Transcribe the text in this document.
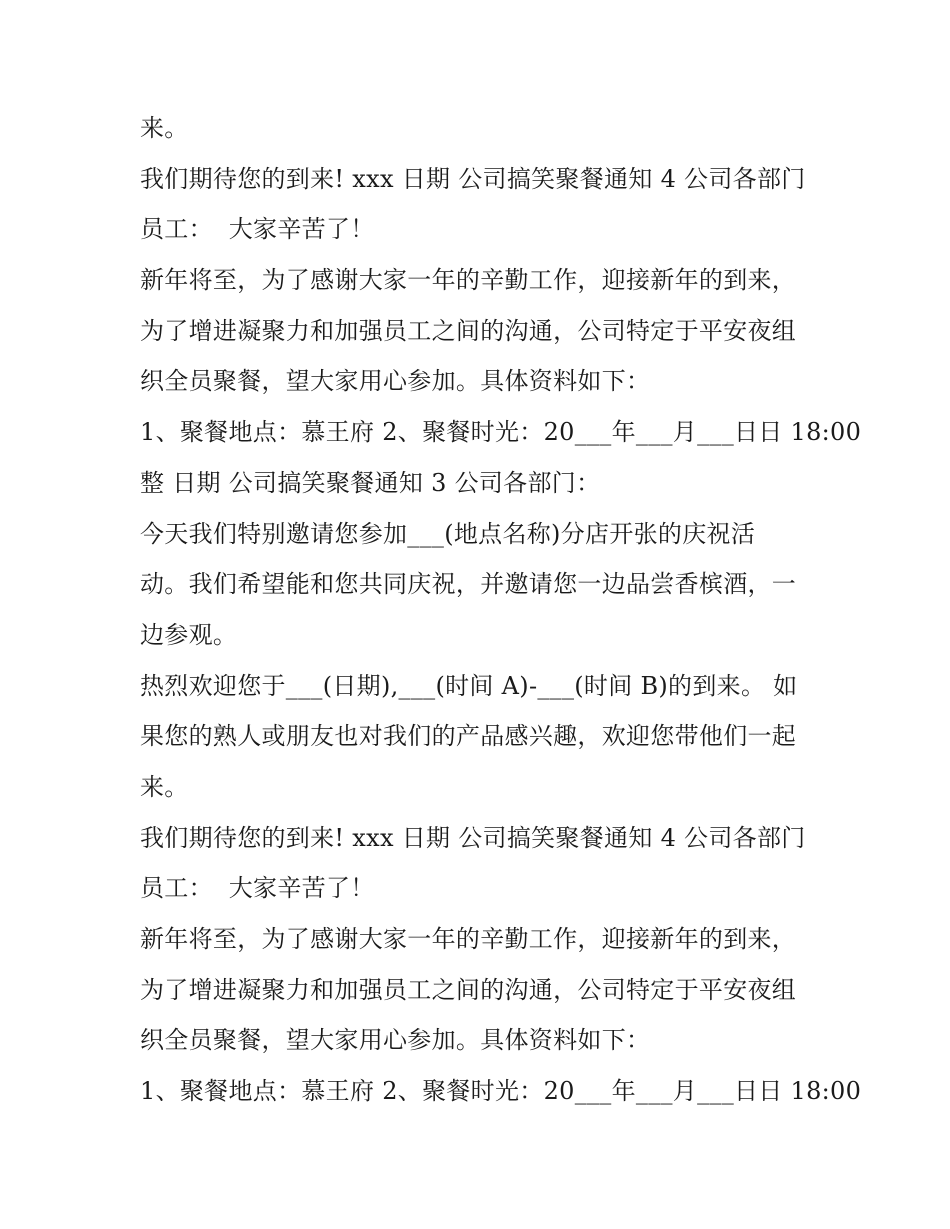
来。
我们期待您的到来! xxx 日期 公司搞笑聚餐通知 4 公司各部门
员工：  大家辛苦了！
新年将至，为了感谢大家一年的辛勤工作，迎接新年的到来，
为了增进凝聚力和加强员工之间的沟通，公司特定于平安夜组
织全员聚餐，望大家用心参加。具体资料如下：
1、聚餐地点：慕王府 2、聚餐时光：20___年___月___日日 18:00
整 日期 公司搞笑聚餐通知 3 公司各部门：
今天我们特别邀请您参加___(地点名称)分店开张的庆祝活
动。我们希望能和您共同庆祝，并邀请您一边品尝香槟酒，一
边参观。
热烈欢迎您于___(日期),___(时间 A)-___(时间 B)的到来。 如
果您的熟人或朋友也对我们的产品感兴趣，欢迎您带他们一起
来。
我们期待您的到来! xxx 日期 公司搞笑聚餐通知 4 公司各部门
员工：  大家辛苦了！
新年将至，为了感谢大家一年的辛勤工作，迎接新年的到来，
为了增进凝聚力和加强员工之间的沟通，公司特定于平安夜组
织全员聚餐，望大家用心参加。具体资料如下：
1、聚餐地点：慕王府 2、聚餐时光：20___年___月___日日 18:00
